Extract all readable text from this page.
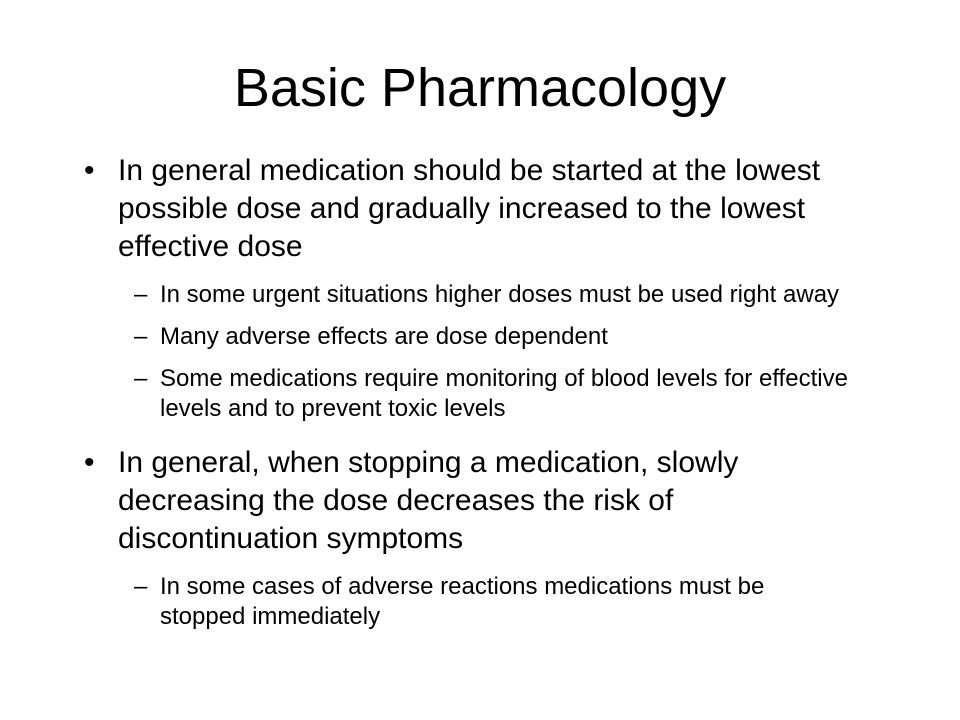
Basic Pharmacology
• In general medication should be started at the lowest possible dose and gradually increased to the lowest effective dose
– In some urgent situations higher doses must be used right away
– Many adverse effects are dose dependent
– Some medications require monitoring of blood levels for effective levels and to prevent toxic levels
• In general, when stopping a medication, slowly decreasing the dose decreases the risk of discontinuation symptoms
– In some cases of adverse reactions medications must be stopped immediately
